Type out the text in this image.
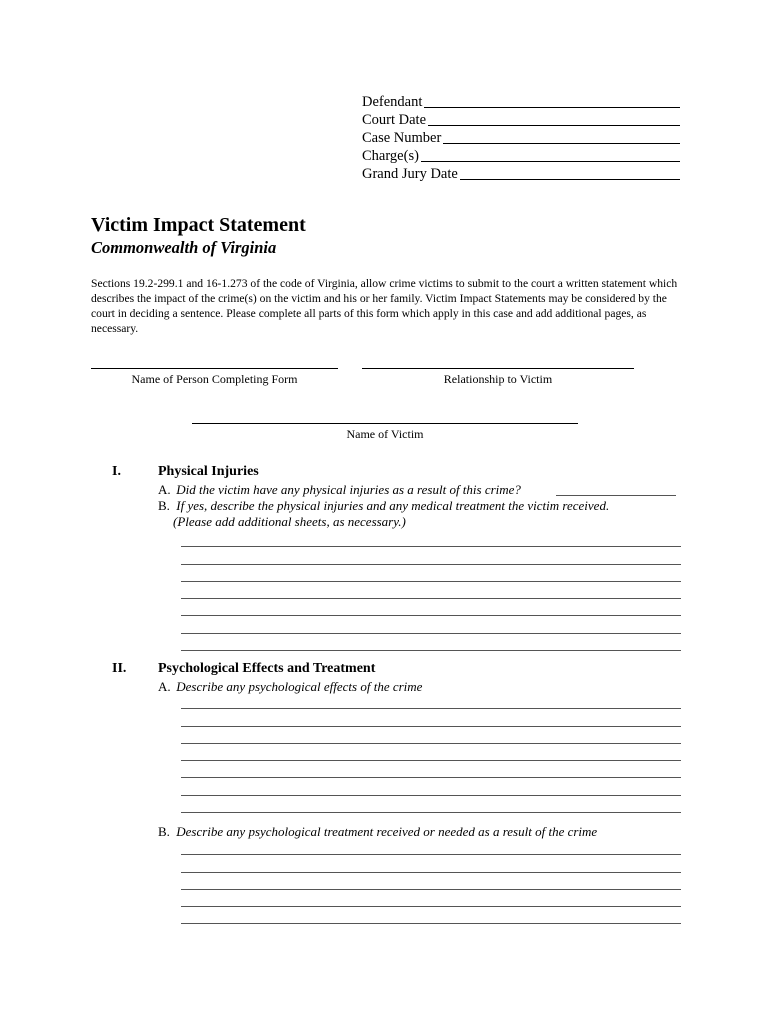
Defendant
Court Date
Case Number
Charge(s)
Grand Jury Date
Victim Impact Statement
Commonwealth of Virginia

Sections 19.2-299.1 and 16-1.273 of the code of Virginia, allow crime victims to submit to the court a written statement which describes the impact of the crime(s) on the victim and his or her family. Victim Impact Statements may be considered by the court in deciding a sentence. Please complete all parts of this form which apply in this case and add additional pages, as necessary.

Name of Person Completing Form	Relationship to Victim
Name of Victim
I.	Physical Injuries
A. Did the victim have any physical injuries as a result of this crime?
B. If yes, describe the physical injuries and any medical treatment the victim received.
(Please add additional sheets, as necessary.)
II. Psychological Effects and Treatment
A. Describe any psychological effects of the crime
B. Describe any psychological treatment received or needed as a result of the crime
